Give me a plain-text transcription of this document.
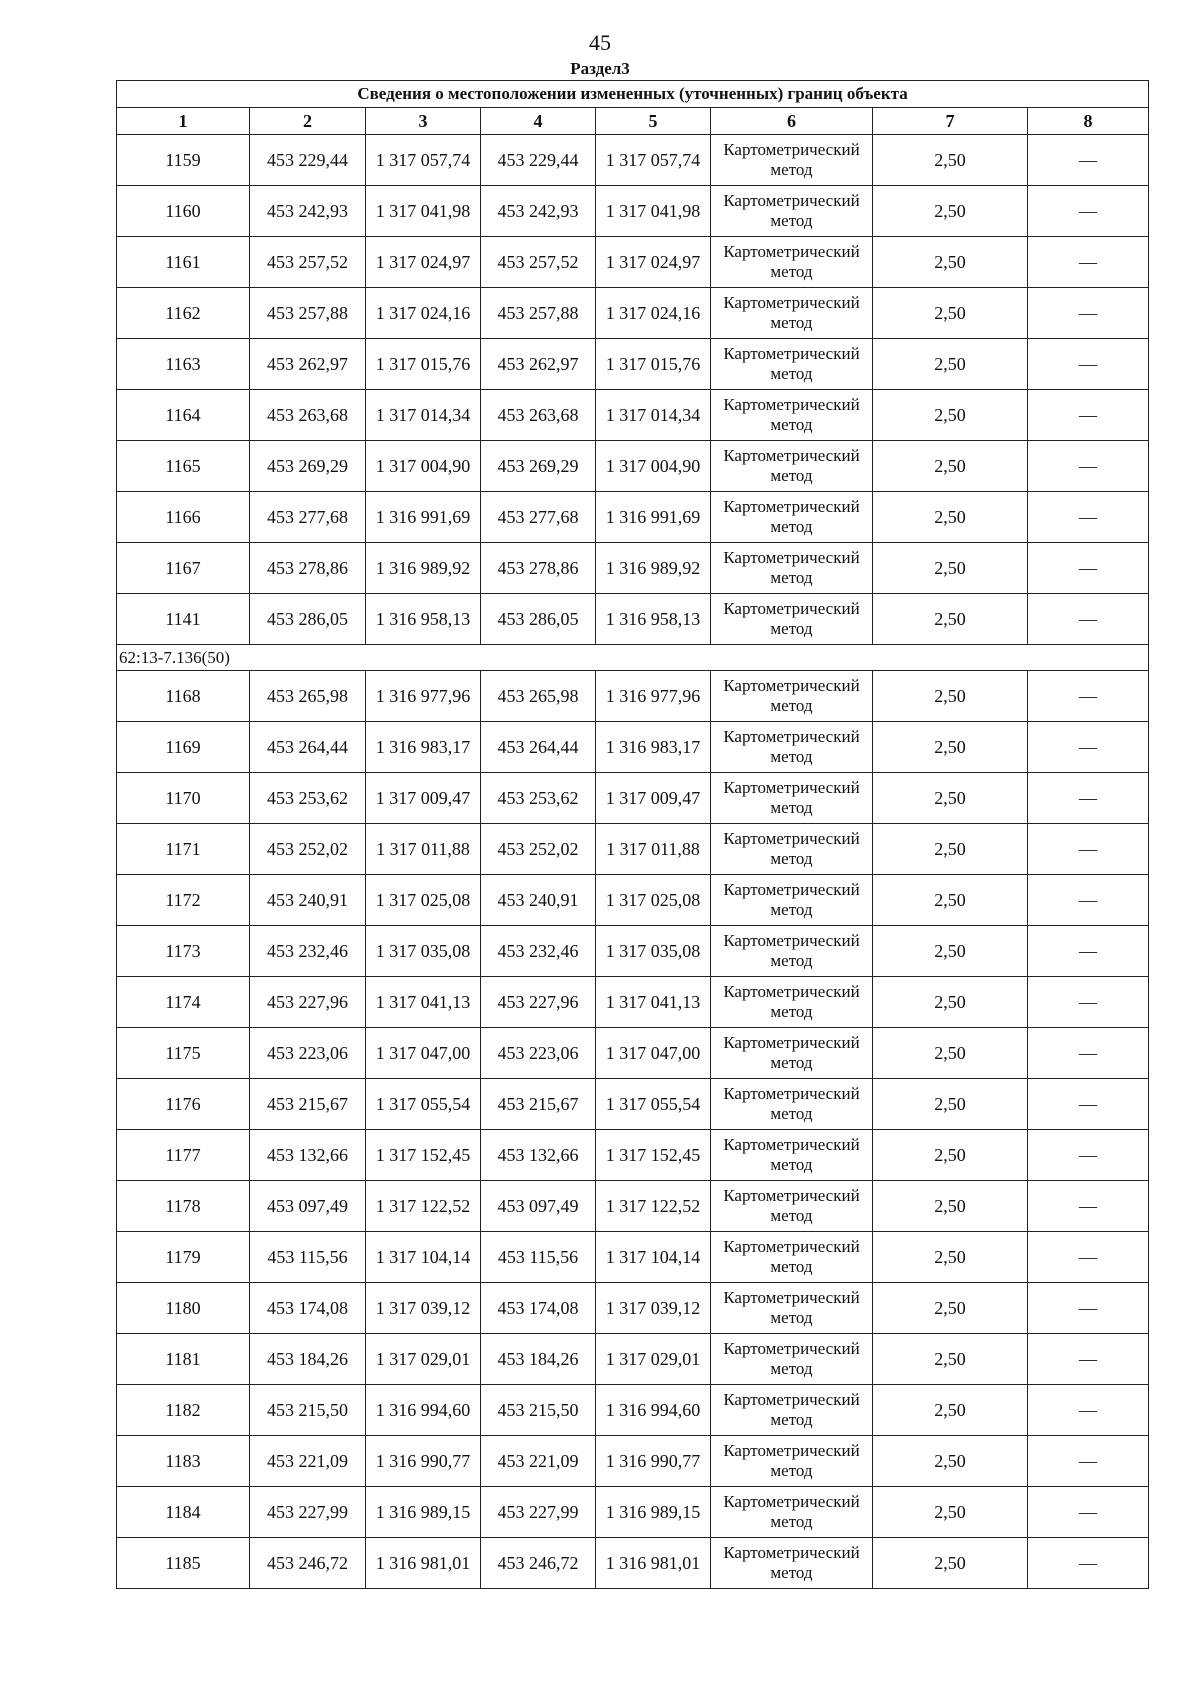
45
Раздел3
Сведения о местоположении измененных (уточненных) границ объекта							
1	2	3	4	5	6	7	8
1159	453 229,44	1 317 057,74	453 229,44	1 317 057,74	Картометрический метод	2,50	—
1160	453 242,93	1 317 041,98	453 242,93	1 317 041,98	Картометрический метод	2,50	—
1161	453 257,52	1 317 024,97	453 257,52	1 317 024,97	Картометрический метод	2,50	—
1162	453 257,88	1 317 024,16	453 257,88	1 317 024,16	Картометрический метод	2,50	—
1163	453 262,97	1 317 015,76	453 262,97	1 317 015,76	Картометрический метод	2,50	—
1164	453 263,68	1 317 014,34	453 263,68	1 317 014,34	Картометрический метод	2,50	—
1165	453 269,29	1 317 004,90	453 269,29	1 317 004,90	Картометрический метод	2,50	—
1166	453 277,68	1 316 991,69	453 277,68	1 316 991,69	Картометрический метод	2,50	—
1167	453 278,86	1 316 989,92	453 278,86	1 316 989,92	Картометрический метод	2,50	—
1141	453 286,05	1 316 958,13	453 286,05	1 316 958,13	Картометрический метод	2,50	—
62:13-7.136(50)							
1168	453 265,98	1 316 977,96	453 265,98	1 316 977,96	Картометрический метод	2,50	—
1169	453 264,44	1 316 983,17	453 264,44	1 316 983,17	Картометрический метод	2,50	—
1170	453 253,62	1 317 009,47	453 253,62	1 317 009,47	Картометрический метод	2,50	—
1171	453 252,02	1 317 011,88	453 252,02	1 317 011,88	Картометрический метод	2,50	—
1172	453 240,91	1 317 025,08	453 240,91	1 317 025,08	Картометрический метод	2,50	—
1173	453 232,46	1 317 035,08	453 232,46	1 317 035,08	Картометрический метод	2,50	—
1174	453 227,96	1 317 041,13	453 227,96	1 317 041,13	Картометрический метод	2,50	—
1175	453 223,06	1 317 047,00	453 223,06	1 317 047,00	Картометрический метод	2,50	—
1176	453 215,67	1 317 055,54	453 215,67	1 317 055,54	Картометрический метод	2,50	—
1177	453 132,66	1 317 152,45	453 132,66	1 317 152,45	Картометрический метод	2,50	—
1178	453 097,49	1 317 122,52	453 097,49	1 317 122,52	Картометрический метод	2,50	—
1179	453 115,56	1 317 104,14	453 115,56	1 317 104,14	Картометрический метод	2,50	—
1180	453 174,08	1 317 039,12	453 174,08	1 317 039,12	Картометрический метод	2,50	—
1181	453 184,26	1 317 029,01	453 184,26	1 317 029,01	Картометрический метод	2,50	—
1182	453 215,50	1 316 994,60	453 215,50	1 316 994,60	Картометрический метод	2,50	—
1183	453 221,09	1 316 990,77	453 221,09	1 316 990,77	Картометрический метод	2,50	—
1184	453 227,99	1 316 989,15	453 227,99	1 316 989,15	Картометрический метод	2,50	—
1185	453 246,72	1 316 981,01	453 246,72	1 316 981,01	Картометрический метод	2,50	—
